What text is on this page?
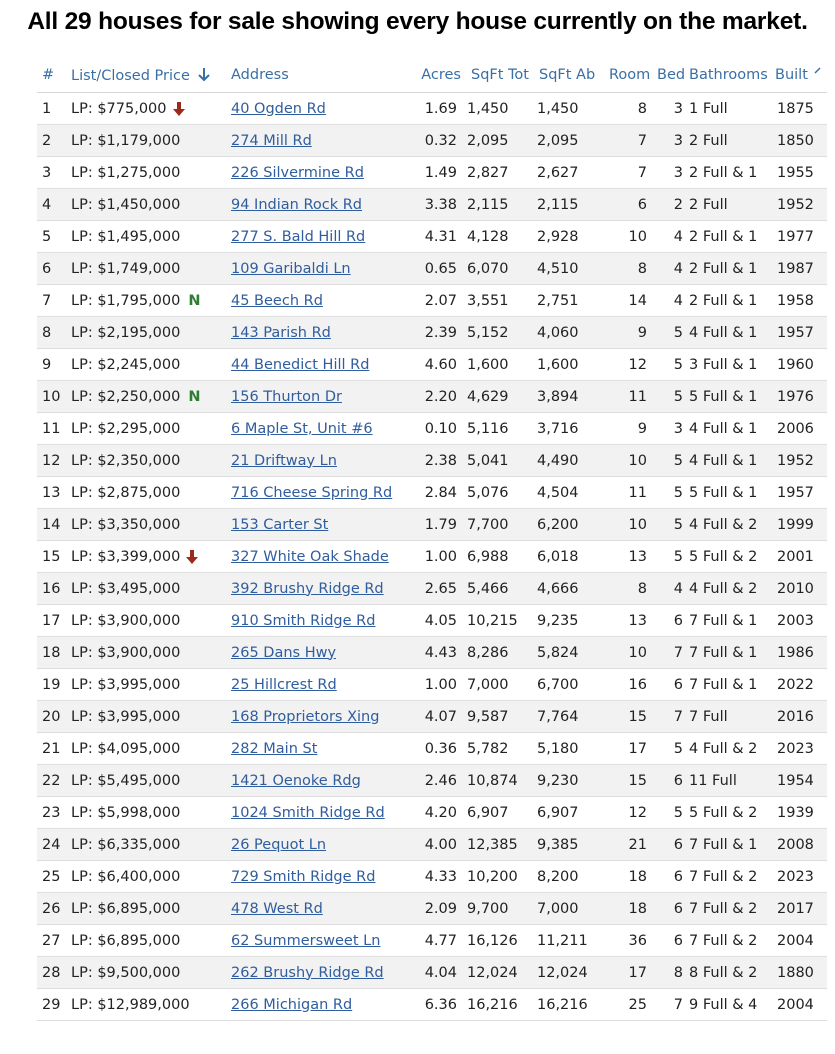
All 29 houses for sale showing every house currently on the market.
#	List/Closed Price	Address	Acres	SqFt Tot	SqFt Ab	Room	Bed	Bathrooms	Built
1	LP: $775,000	40 Ogden Rd	1.69	1,450	1,450	8	3	1 Full	1875
2	LP: $1,179,000	274 Mill Rd	0.32	2,095	2,095	7	3	2 Full	1850
3	LP: $1,275,000	226 Silvermine Rd	1.49	2,827	2,627	7	3	2 Full & 1	1955
4	LP: $1,450,000	94 Indian Rock Rd	3.38	2,115	2,115	6	2	2 Full	1952
5	LP: $1,495,000	277 S. Bald Hill Rd	4.31	4,128	2,928	10	4	2 Full & 1	1977
6	LP: $1,749,000	109 Garibaldi Ln	0.65	6,070	4,510	8	4	2 Full & 1	1987
7	LP: $1,795,000 N	45 Beech Rd	2.07	3,551	2,751	14	4	2 Full & 1	1958
8	LP: $2,195,000	143 Parish Rd	2.39	5,152	4,060	9	5	4 Full & 1	1957
9	LP: $2,245,000	44 Benedict Hill Rd	4.60	1,600	1,600	12	5	3 Full & 1	1960
10	LP: $2,250,000 N	156 Thurton Dr	2.20	4,629	3,894	11	5	5 Full & 1	1976
11	LP: $2,295,000	6 Maple St, Unit #6	0.10	5,116	3,716	9	3	4 Full & 1	2006
12	LP: $2,350,000	21 Driftway Ln	2.38	5,041	4,490	10	5	4 Full & 1	1952
13	LP: $2,875,000	716 Cheese Spring Rd	2.84	5,076	4,504	11	5	5 Full & 1	1957
14	LP: $3,350,000	153 Carter St	1.79	7,700	6,200	10	5	4 Full & 2	1999
15	LP: $3,399,000	327 White Oak Shade	1.00	6,988	6,018	13	5	5 Full & 2	2001
16	LP: $3,495,000	392 Brushy Ridge Rd	2.65	5,466	4,666	8	4	4 Full & 2	2010
17	LP: $3,900,000	910 Smith Ridge Rd	4.05	10,215	9,235	13	6	7 Full & 1	2003
18	LP: $3,900,000	265 Dans Hwy	4.43	8,286	5,824	10	7	7 Full & 1	1986
19	LP: $3,995,000	25 Hillcrest Rd	1.00	7,000	6,700	16	6	7 Full & 1	2022
20	LP: $3,995,000	168 Proprietors Xing	4.07	9,587	7,764	15	7	7 Full	2016
21	LP: $4,095,000	282 Main St	0.36	5,782	5,180	17	5	4 Full & 2	2023
22	LP: $5,495,000	1421 Oenoke Rdg	2.46	10,874	9,230	15	6	11 Full	1954
23	LP: $5,998,000	1024 Smith Ridge Rd	4.20	6,907	6,907	12	5	5 Full & 2	1939
24	LP: $6,335,000	26 Pequot Ln	4.00	12,385	9,385	21	6	7 Full & 1	2008
25	LP: $6,400,000	729 Smith Ridge Rd	4.33	10,200	8,200	18	6	7 Full & 2	2023
26	LP: $6,895,000	478 West Rd	2.09	9,700	7,000	18	6	7 Full & 2	2017
27	LP: $6,895,000	62 Summersweet Ln	4.77	16,126	11,211	36	6	7 Full & 2	2004
28	LP: $9,500,000	262 Brushy Ridge Rd	4.04	12,024	12,024	17	8	8 Full & 2	1880
29	LP: $12,989,000	266 Michigan Rd	6.36	16,216	16,216	25	7	9 Full & 4	2004
